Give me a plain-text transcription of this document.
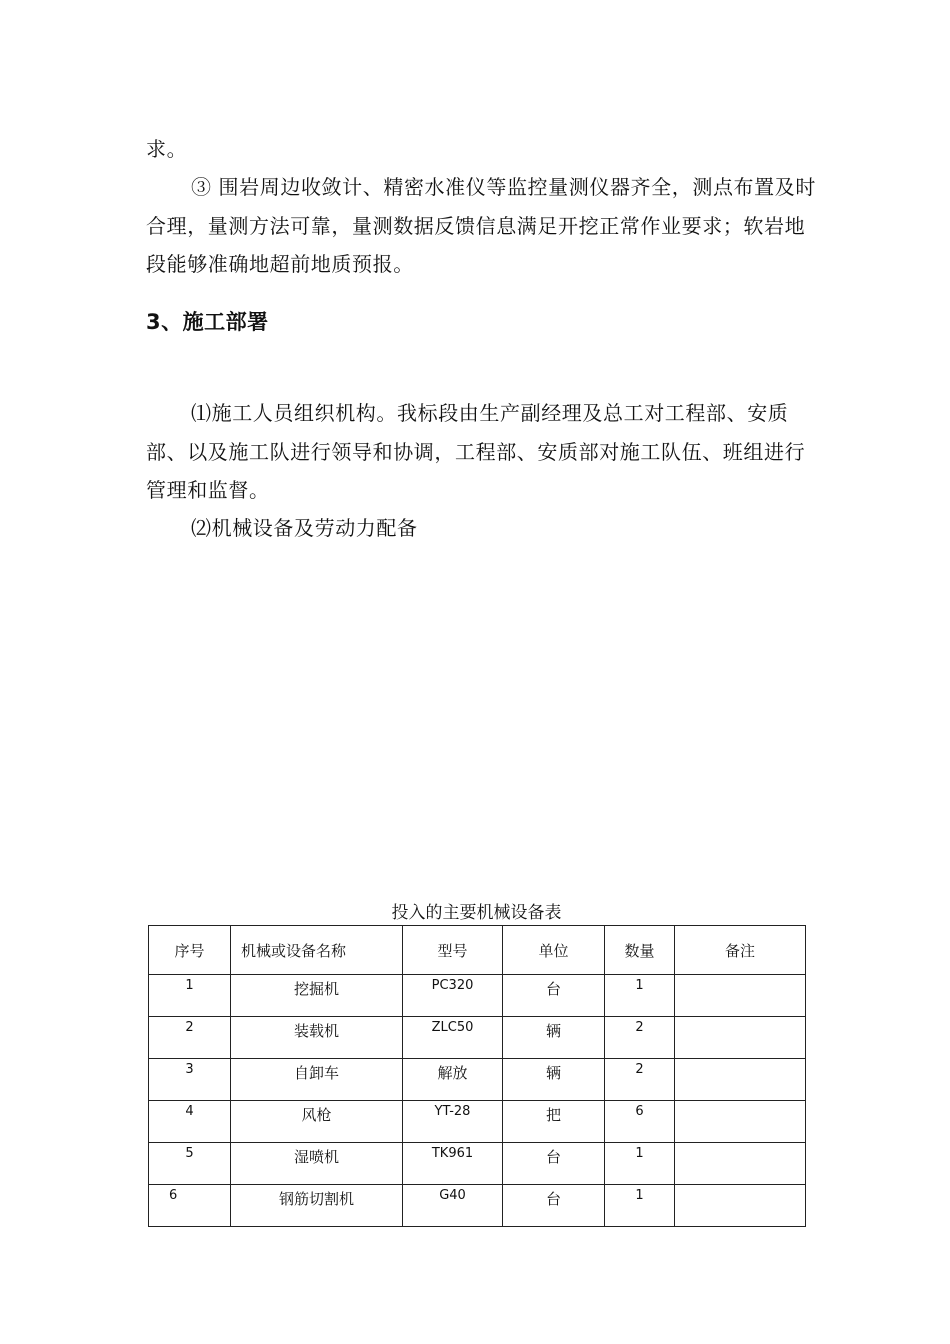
求。

③ 围岩周边收敛计、精密水准仪等监控量测仪器齐全，测点布置及时合理，量测方法可靠，量测数据反馈信息满足开挖正常作业要求；软岩地段能够准确地超前地质预报。

3、施工部署

⑴施工人员组织机构。我标段由生产副经理及总工对工程部、安质部、以及施工队进行领导和协调，工程部、安质部对施工队伍、班组进行管理和监督。

⑵机械设备及劳动力配备

投入的主要机械设备表

序号	机械或设备名称	型号	单位	数量	备注
1	挖掘机	PC320	台	1	
2	装载机	ZLC50	辆	2	
3	自卸车	解放	辆	2	
4	风枪	YT-28	把	6	
5	湿喷机	TK961	台	1	
6	钢筋切割机	G40	台	1	
